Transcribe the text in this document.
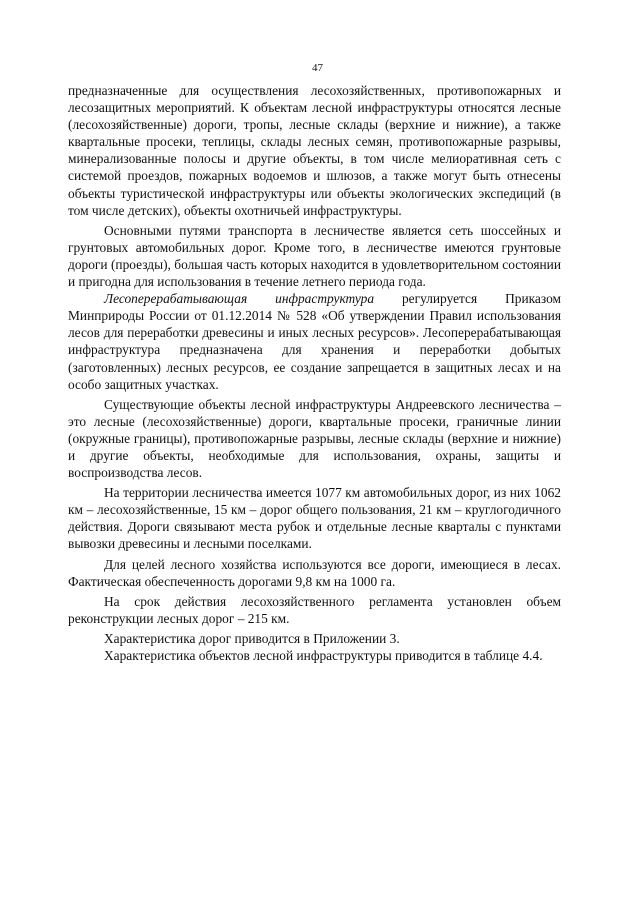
47

предназначенные для осуществления лесохозяйственных, противопожарных и лесозащитных мероприятий. К объектам лесной инфраструктуры относятся лесные (лесохозяйственные) дороги, тропы, лесные склады (верхние и нижние), а также квартальные просеки, теплицы, склады лесных семян, противопожарные разрывы, минерализованные полосы и другие объекты, в том числе мелиоративная сеть с системой проездов, пожарных водоемов и шлюзов, а также могут быть отнесены объекты туристической инфраструктуры или объекты экологических экспедиций (в том числе детских), объекты охотничьей инфраструктуры.

Основными путями транспорта в лесничестве является сеть шоссейных и грунтовых автомобильных дорог. Кроме того, в лесничестве имеются грунтовые дороги (проезды), большая часть которых находится в удовлетворительном состоянии и пригодна для использования в течение летнего периода года.

Лесоперерабатывающая инфраструктура регулируется Приказом Минприроды России от 01.12.2014 № 528 «Об утверждении Правил использования лесов для переработки древесины и иных лесных ресурсов». Лесоперерабатывающая инфраструктура предназначена для хранения и переработки добытых (заготовленных) лесных ресурсов, ее создание запрещается в защитных лесах и на особо защитных участках.

Существующие объекты лесной инфраструктуры Андреевского лесничества – это лесные (лесохозяйственные) дороги, квартальные просеки, граничные линии (окружные границы), противопожарные разрывы, лесные склады (верхние и нижние) и другие объекты, необходимые для использования, охраны, защиты и воспроизводства лесов.

На территории лесничества имеется 1077 км автомобильных дорог, из них 1062 км – лесохозяйственные, 15 км – дорог общего пользования, 21 км – круглогодичного действия. Дороги связывают места рубок и отдельные лесные кварталы с пунктами вывозки древесины и лесными поселками.

Для целей лесного хозяйства используются все дороги, имеющиеся в лесах. Фактическая обеспеченность дорогами 9,8 км на 1000 га.

На срок действия лесохозяйственного регламента установлен объем реконструкции лесных дорог – 215 км.

Характеристика дорог приводится в Приложении 3.

Характеристика объектов лесной инфраструктуры приводится в таблице 4.4.
